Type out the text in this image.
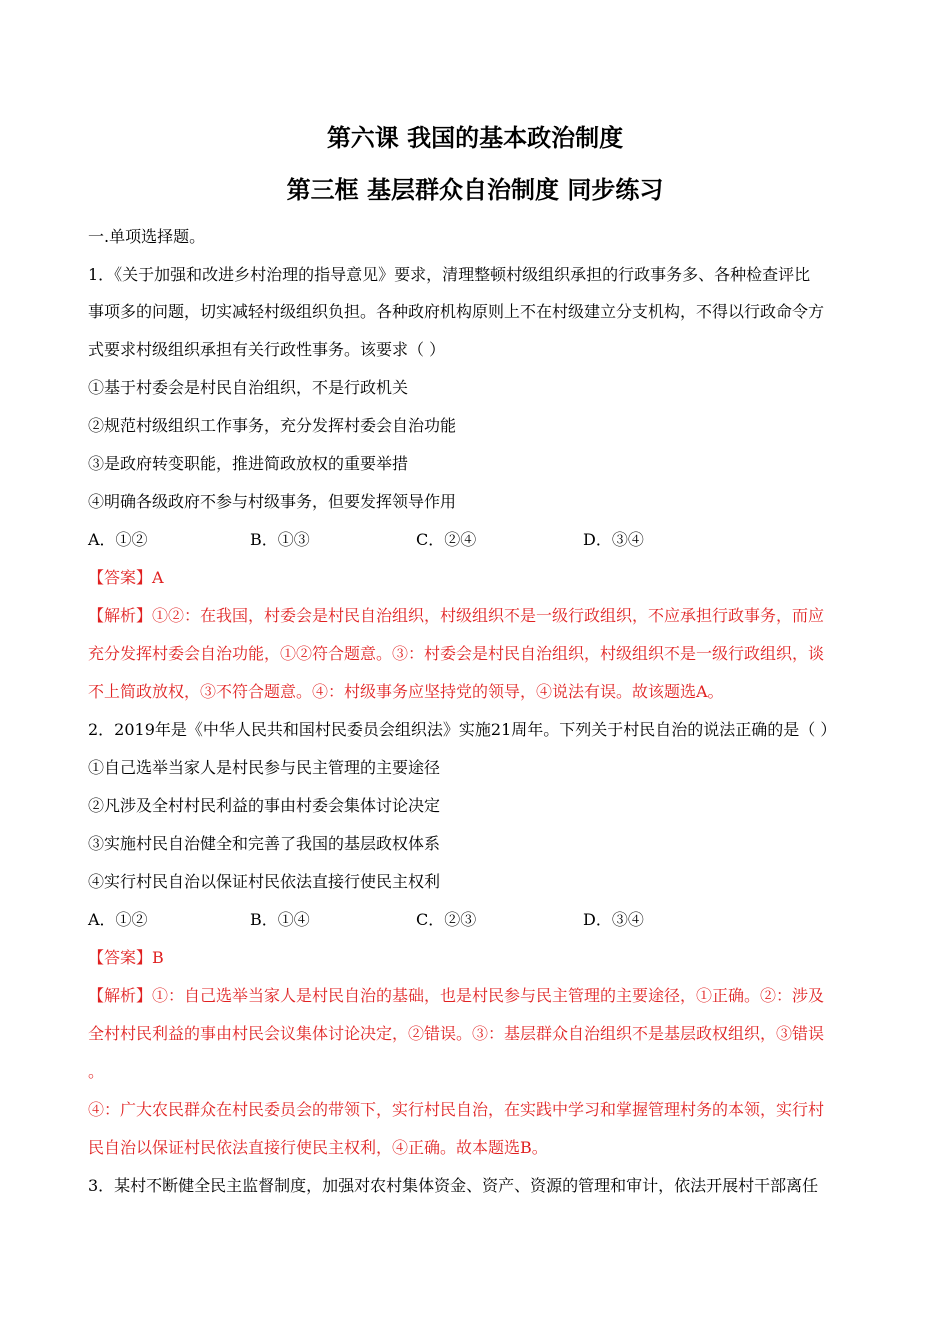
第六课 我国的基本政治制度
第三框 基层群众自治制度 同步练习
一.单项选择题。
1．《关于加强和改进乡村治理的指导意见》要求，清理整顿村级组织承担的行政事务多、各种检查评比
事项多的问题，切实减轻村级组织负担。各种政府机构原则上不在村级建立分支机构，不得以行政命令方
式要求村级组织承担有关行政性事务。该要求（ ）
①基于村委会是村民自治组织，不是行政机关
②规范村级组织工作事务，充分发挥村委会自治功能
③是政府转变职能，推进简政放权的重要举措
④明确各级政府不参与村级事务，但要发挥领导作用
A．①②	B．①③	C．②④	D．③④
【答案】A
【解析】①②：在我国，村委会是村民自治组织，村级组织不是一级行政组织，不应承担行政事务，而应
充分发挥村委会自治功能，①②符合题意。③：村委会是村民自治组织，村级组织不是一级行政组织，谈
不上简政放权，③不符合题意。④：村级事务应坚持党的领导，④说法有误。故该题选A。
2．2019年是《中华人民共和国村民委员会组织法》实施21周年。下列关于村民自治的说法正确的是（ ）
①自己选举当家人是村民参与民主管理的主要途径
②凡涉及全村村民利益的事由村委会集体讨论决定
③实施村民自治健全和完善了我国的基层政权体系
④实行村民自治以保证村民依法直接行使民主权利
A．①②	B．①④	C．②③	D．③④
【答案】B
【解析】①：自己选举当家人是村民自治的基础，也是村民参与民主管理的主要途径，①正确。②：涉及
全村村民利益的事由村民会议集体讨论决定，②错误。③：基层群众自治组织不是基层政权组织，③错误
。
④：广大农民群众在村民委员会的带领下，实行村民自治，在实践中学习和掌握管理村务的本领，实行村
民自治以保证村民依法直接行使民主权利，④正确。故本题选B。
3．某村不断健全民主监督制度，加强对农村集体资金、资产、资源的管理和审计，依法开展村干部离任
